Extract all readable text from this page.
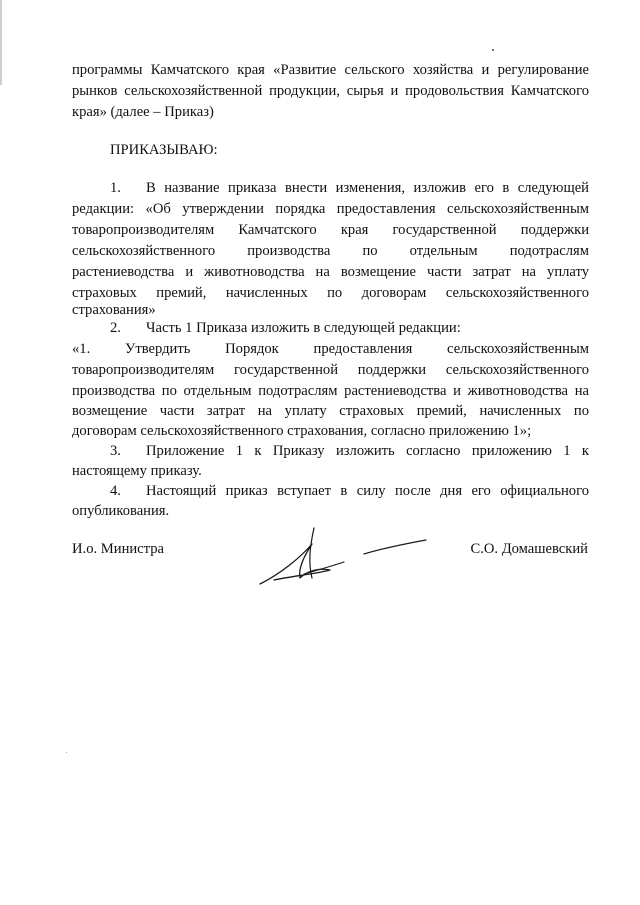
программы Камчатского края «Развитие сельского хозяйства и регулирование
рынков сельскохозяйственной продукции, сырья и продовольствия Камчатского
края» (далее – Приказ)
ПРИКАЗЫВАЮ:
1. В название приказа внести изменения, изложив его в следующей
редакции: «Об утверждении порядка предоставления сельскохозяйственным
товаропроизводителям Камчатского края государственной поддержки
сельскохозяйственного производства по отдельным подотраслям
растениеводства и животноводства на возмещение части затрат на уплату
страховых премий, начисленных по договорам сельскохозяйственного
страхования»
2. Часть 1 Приказа изложить в следующей редакции:
«1. Утвердить Порядок предоставления сельскохозяйственным
товаропроизводителям государственной поддержки сельскохозяйственного
производства по отдельным подотраслям растениеводства и животноводства на
возмещение части затрат на уплату страховых премий, начисленных по
договорам сельскохозяйственного страхования, согласно приложению 1»;
3. Приложение 1 к Приказу изложить согласно приложению 1 к
настоящему приказу.
4. Настоящий приказ вступает в силу после дня его официального
опубликования.
И.о. Министра	С.О. Домашевский
